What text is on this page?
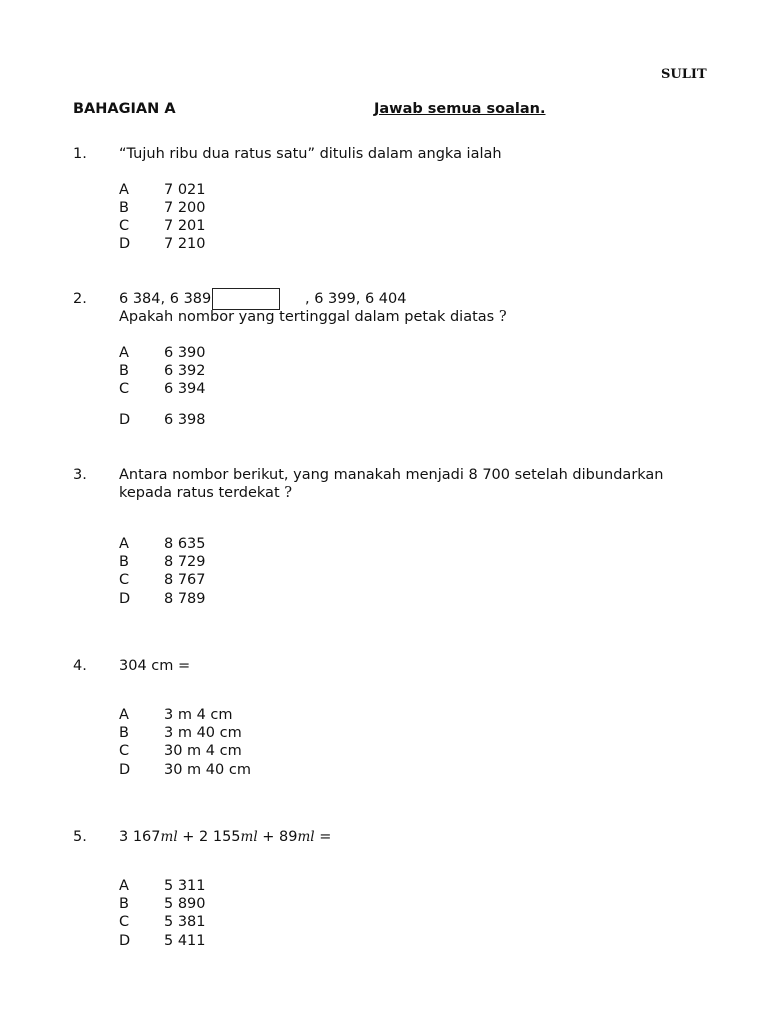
SULIT
BAHAGIAN A	Jawab semua soalan.
1. “Tujuh ribu dua ratus satu” ditulis dalam angka ialah
A 7 021
B 7 200
C 7 201
D 7 210
2. 6 384, 6 389	, 6 399, 6 404
Apakah nombor yang tertinggal dalam petak diatas ?
A 6 390
B 6 392
C 6 394
D 6 398
3. Antara nombor berikut, yang manakah menjadi 8 700 setelah dibundarkan
kepada ratus terdekat ?
A 8 635
B 8 729
C 8 767
D 8 789
4. 304 cm =
A 3 m 4 cm
B 3 m 40 cm
C 30 m 4 cm
D 30 m 40 cm
5. 3 167ml + 2 155ml + 89ml =
A 5 311
B 5 890
C 5 381
D 5 411
